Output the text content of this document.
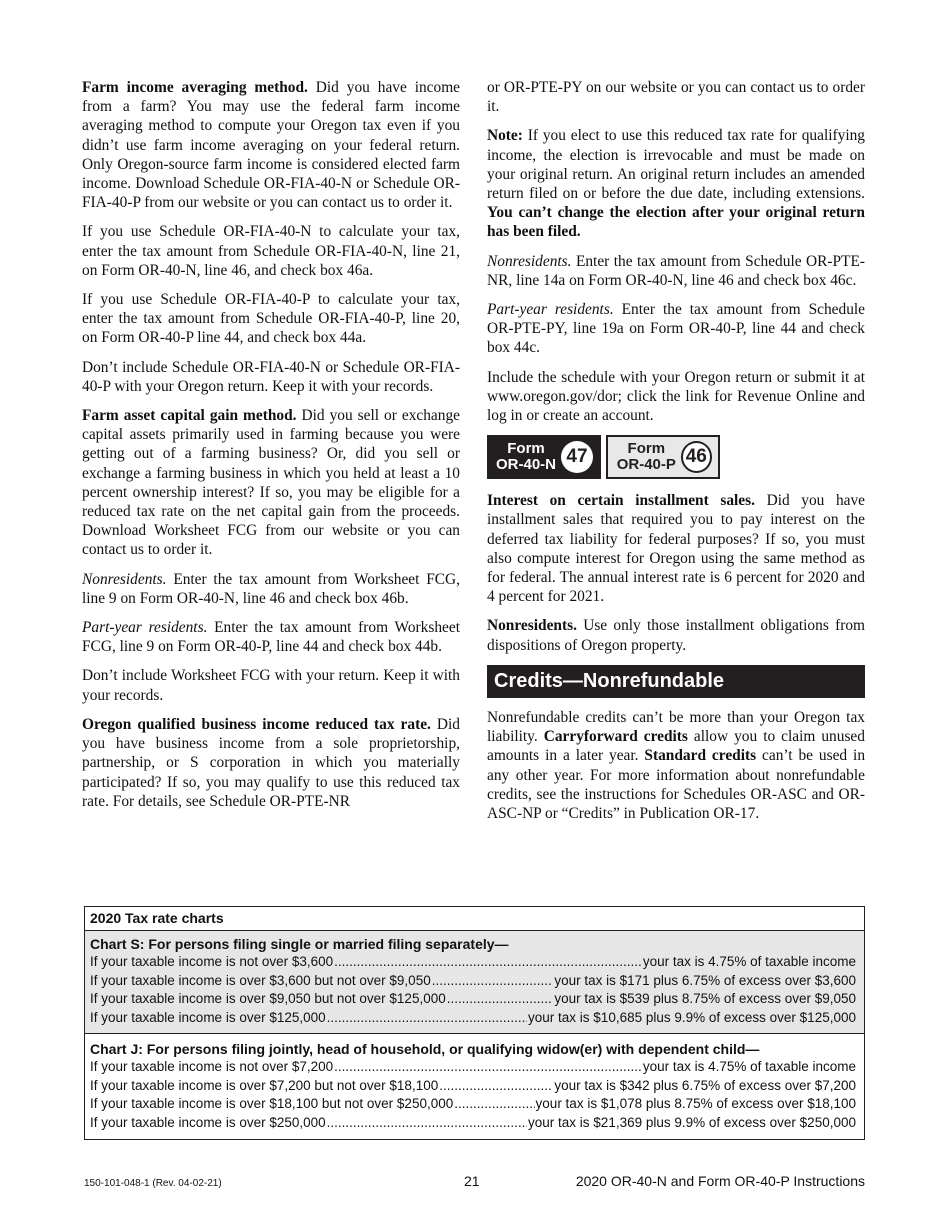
Farm income averaging method. Did you have income from a farm? You may use the federal farm income averaging method to compute your Oregon tax even if you didn’t use farm income averaging on your federal return. Only Oregon-source farm income is considered elected farm income. Download Schedule OR-FIA-40-N or Schedule OR-FIA-40-P from our website or you can contact us to order it.

If you use Schedule OR-FIA-40-N to calculate your tax, enter the tax amount from Schedule OR-FIA-40-N, line 21, on Form OR-40-N, line 46, and check box 46a.

If you use Schedule OR-FIA-40-P to calculate your tax, enter the tax amount from Schedule OR-FIA-40-P, line 20, on Form OR-40-P line 44, and check box 44a.

Don’t include Schedule OR-FIA-40-N or Schedule OR-FIA-40-P with your Oregon return. Keep it with your records.

Farm asset capital gain method. Did you sell or exchange capital assets primarily used in farming because you were getting out of a farming business? Or, did you sell or exchange a farming business in which you held at least a 10 percent ownership interest? If so, you may be eligible for a reduced tax rate on the net capital gain from the proceeds. Download Worksheet FCG from our website or you can contact us to order it.

Nonresidents. Enter the tax amount from Worksheet FCG, line 9 on Form OR-40-N, line 46 and check box 46b.

Part-year residents. Enter the tax amount from Worksheet FCG, line 9 on Form OR-40-P, line 44 and check box 44b.

Don’t include Worksheet FCG with your return. Keep it with your records.

Oregon qualified business income reduced tax rate. Did you have business income from a sole proprietorship, partnership, or S corporation in which you materially participated? If so, you may qualify to use this reduced tax rate. For details, see Schedule OR-PTE-NR

or OR-PTE-PY on our website or you can contact us to order it.

Note: If you elect to use this reduced tax rate for qualifying income, the election is irrevocable and must be made on your original return. An original return includes an amended return filed on or before the due date, including extensions. You can’t change the election after your original return has been filed.

Nonresidents. Enter the tax amount from Schedule OR-PTE-NR, line 14a on Form OR-40-N, line 46 and check box 46c.

Part-year residents. Enter the tax amount from Schedule OR-PTE-PY, line 19a on Form OR-40-P, line 44 and check box 44c.

Include the schedule with your Oregon return or submit it at www.oregon.gov/dor; click the link for Revenue Online and log in or create an account.

Form
OR-40-N 47	Form
OR-40-P 46

Interest on certain installment sales. Did you have installment sales that required you to pay interest on the deferred tax liability for federal purposes? If so, you must also compute interest for Oregon using the same method as for federal. The annual interest rate is 6 percent for 2020 and 4 percent for 2021.

Nonresidents. Use only those installment obligations from dispositions of Oregon property.

Credits—Nonrefundable

Nonrefundable credits can’t be more than your Oregon tax liability. Carryforward credits allow you to claim unused amounts in a later year. Standard credits can’t be used in any other year. For more information about nonrefundable credits, see the instructions for Schedules OR-ASC and OR-ASC-NP or “Credits” in Publication OR-17.

2020 Tax rate charts
Chart S: For persons filing single or married filing separately—
If your taxable income is not over $3,600 .....	your tax is 4.75% of taxable income
If your taxable income is over $3,600 but not over $9,050 .....	your tax is $171 plus 6.75% of excess over $3,600
If your taxable income is over $9,050 but not over $125,000 .....	your tax is $539 plus 8.75% of excess over $9,050
If your taxable income is over $125,000 .....	your tax is $10,685 plus 9.9% of excess over $125,000
Chart J: For persons filing jointly, head of household, or qualifying widow(er) with dependent child—
If your taxable income is not over $7,200 .....	your tax is 4.75% of taxable income
If your taxable income is over $7,200 but not over $18,100 .....	your tax is $342 plus 6.75% of excess over $7,200
If your taxable income is over $18,100 but not over $250,000 .....	your tax is $1,078 plus 8.75% of excess over $18,100
If your taxable income is over $250,000 .....	your tax is $21,369 plus 9.9% of excess over $250,000
150-101-048-1 (Rev. 04-02-21)	21	2020 OR-40-N and Form OR-40-P Instructions
